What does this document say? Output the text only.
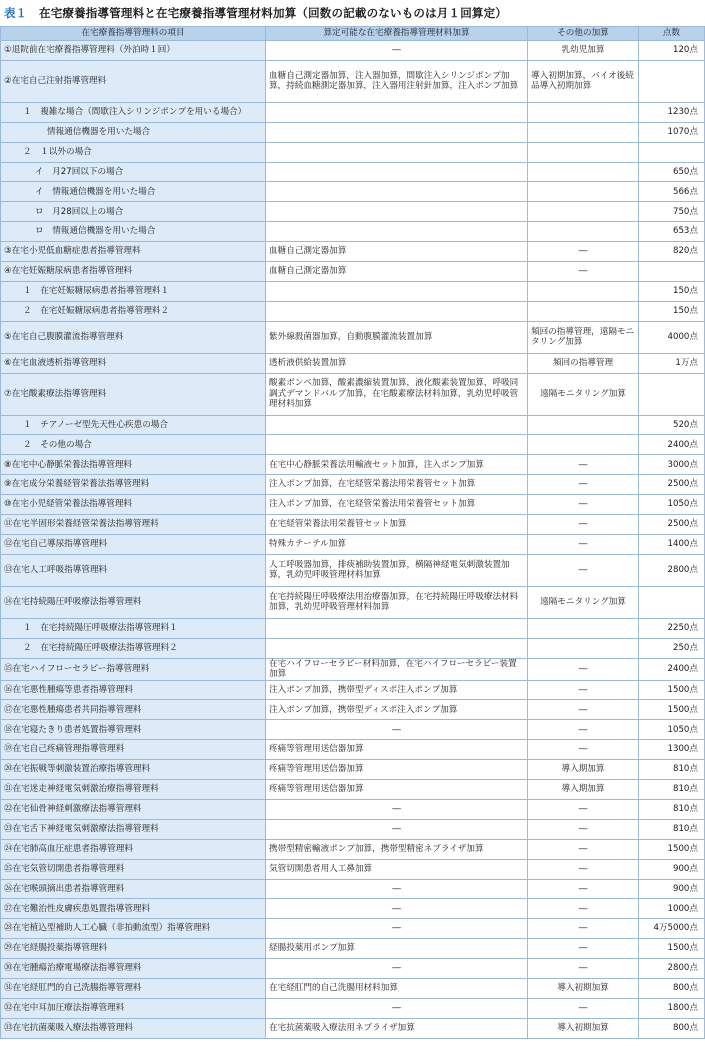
表１ 在宅療養指導管理料と在宅療養指導管理材料加算（回数の記載のないものは月１回算定）
在宅療養指導管理料の項目	算定可能な在宅療養指導管理材料加算	その他の加算	点数
①退院前在宅療養指導管理料（外泊時１回）	―	乳幼児加算	120点
②在宅自己注射指導管理料	血糖自己測定器加算，注入器加算，間歇注入シリンジポンプ加算，持続血糖測定器加算，注入器用注射針加算，注入ポンプ加算	導入初期加算，バイオ後続品導入初期加算	
１　複雑な場合（間歇注入シリンジポンプを用いる場合）			1230点
情報通信機器を用いた場合			1070点
２　１以外の場合			
イ　月27回以下の場合			650点
イ　情報通信機器を用いた場合			566点
ロ　月28回以上の場合			750点
ロ　情報通信機器を用いた場合			653点
③在宅小児低血糖症患者指導管理料	血糖自己測定器加算	―	820点
④在宅妊娠糖尿病患者指導管理料	血糖自己測定器加算	―	
１　在宅妊娠糖尿病患者指導管理料１			150点
２　在宅妊娠糖尿病患者指導管理料２			150点
⑤在宅自己腹膜灌流指導管理料	紫外線殺菌器加算，自動腹膜灌流装置加算	頻回の指導管理，遠隔モニタリング加算	4000点
⑥在宅血液透析指導管理料	透析液供給装置加算	頻回の指導管理	1万点
⑦在宅酸素療法指導管理料	酸素ボンベ加算，酸素濃縮装置加算，液化酸素装置加算，呼吸同調式デマンドバルブ加算，在宅酸素療法材料加算，乳幼児呼吸管理材料加算	遠隔モニタリング加算	
１　チアノーゼ型先天性心疾患の場合			520点
２　その他の場合			2400点
⑧在宅中心静脈栄養法指導管理料	在宅中心静脈栄養法用輸液セット加算，注入ポンプ加算	―	3000点
⑨在宅成分栄養経管栄養法指導管理料	注入ポンプ加算，在宅経管栄養法用栄養管セット加算	―	2500点
⑩在宅小児経管栄養法指導管理料	注入ポンプ加算，在宅経管栄養法用栄養管セット加算	―	1050点
⑪在宅半固形栄養経管栄養法指導管理料	在宅経管栄養法用栄養管セット加算	―	2500点
⑫在宅自己導尿指導管理料	特殊カテーテル加算	―	1400点
⑬在宅人工呼吸指導管理料	人工呼吸器加算，排痰補助装置加算，横隔神経電気刺激装置加算，乳幼児呼吸管理材料加算	―	2800点
⑭在宅持続陽圧呼吸療法指導管理料	在宅持続陽圧呼吸療法用治療器加算，在宅持続陽圧呼吸療法材料加算，乳幼児呼吸管理材料加算	遠隔モニタリング加算	
１　在宅持続陽圧呼吸療法指導管理料１			2250点
２　在宅持続陽圧呼吸療法指導管理料２			250点
⑮在宅ハイフローセラピー指導管理料	在宅ハイフローセラピー材料加算，在宅ハイフローセラピー装置加算	―	2400点
⑯在宅悪性腫瘍等患者指導管理料	注入ポンプ加算，携帯型ディスポ注入ポンプ加算	―	1500点
⑰在宅悪性腫瘍患者共同指導管理料	注入ポンプ加算，携帯型ディスポ注入ポンプ加算	―	1500点
⑱在宅寝たきり患者処置指導管理料	―	―	1050点
⑲在宅自己疼痛管理指導管理料	疼痛等管理用送信器加算	―	1300点
⑳在宅振戦等刺激装置治療指導管理料	疼痛等管理用送信器加算	導入期加算	810点
㉑在宅迷走神経電気刺激治療指導管理料	疼痛等管理用送信器加算	導入期加算	810点
㉒在宅仙骨神経刺激療法指導管理料	―	―	810点
㉓在宅舌下神経電気刺激療法指導管理料	―	―	810点
㉔在宅肺高血圧症患者指導管理料	携帯型精密輸液ポンプ加算，携帯型精密ネブライザ加算	―	1500点
㉕在宅気管切開患者指導管理料	気管切開患者用人工鼻加算	―	900点
㉖在宅喉頭摘出患者指導管理料	―	―	900点
㉗在宅難治性皮膚疾患処置指導管理料	―	―	1000点
㉘在宅植込型補助人工心臓（非拍動流型）指導管理料	―	―	4万5000点
㉙在宅経腸投薬指導管理料	経腸投薬用ポンプ加算	―	1500点
㉚在宅腫瘍治療電場療法指導管理料	―	―	2800点
㉛在宅経肛門的自己洗腸指導管理料	在宅経肛門的自己洗腸用材料加算	導入初期加算	800点
㉜在宅中耳加圧療法指導管理料	―	―	1800点
㉝在宅抗菌薬吸入療法指導管理料	在宅抗菌薬吸入療法用ネブライザ加算	導入初期加算	800点
